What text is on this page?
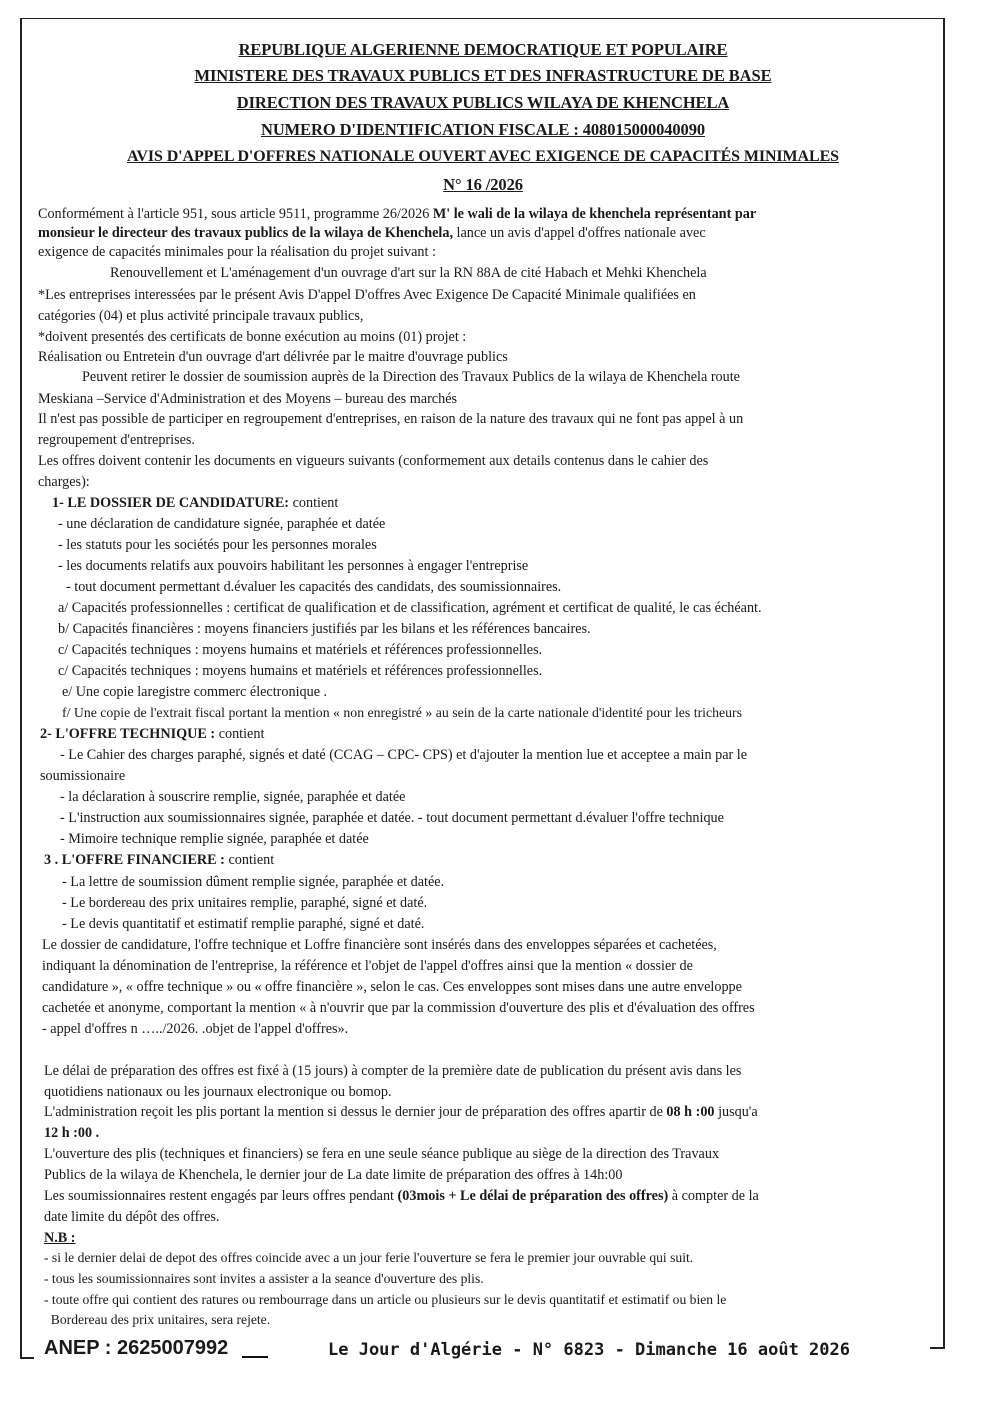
REPUBLIQUE ALGERIENNE DEMOCRATIQUE ET POPULAIRE
MINISTERE DES TRAVAUX PUBLICS ET DES INFRASTRUCTURE DE BASE
DIRECTION DES TRAVAUX PUBLICS WILAYA DE KHENCHELA
NUMERO D'IDENTIFICATION FISCALE : 408015000040090
AVIS D'APPEL D'OFFRES NATIONALE OUVERT AVEC EXIGENCE DE CAPACITÉS MINIMALES
N° 16 /2026
Conformément à l'article 951, sous article 9511, programme 26/2026 M' le wali de la wilaya de khenchela représentant par
monsieur le directeur des travaux publics de la wilaya de Khenchela, lance un avis d'appel d'offres nationale avec
exigence de capacités minimales pour la réalisation du projet suivant :
Renouvellement et L'aménagement d'un ouvrage d'art sur la RN 88A de cité Habach et Mehki Khenchela
*Les entreprises interessées par le présent Avis D'appel D'offres Avec Exigence De Capacité Minimale qualifiées en
catégories (04) et plus activité principale travaux publics,
*doivent presentés des certificats de bonne exécution au moins (01) projet :
Réalisation ou Entretein d'un ouvrage d'art délivrée par le maitre d'ouvrage publics
Peuvent retirer le dossier de soumission auprès de la Direction des Travaux Publics de la wilaya de Khenchela route
Meskiana –Service d'Administration et des Moyens – bureau des marchés
Il n'est pas possible de participer en regroupement d'entreprises, en raison de la nature des travaux qui ne font pas appel à un
regroupement d'entreprises.
Les offres doivent contenir les documents en vigueurs suivants (conformement aux details contenus dans le cahier des
charges):
1- LE DOSSIER DE CANDIDATURE: contient
- une déclaration de candidature signée, paraphée et datée
- les statuts pour les sociétés pour les personnes morales
- les documents relatifs aux pouvoirs habilitant les personnes à engager l'entreprise
- tout document permettant d.évaluer les capacités des candidats, des soumissionnaires.
a/ Capacités professionnelles : certificat de qualification et de classification, agrément et certificat de qualité, le cas échéant.
b/ Capacités financières : moyens financiers justifiés par les bilans et les références bancaires.
c/ Capacités techniques : moyens humains et matériels et références professionnelles.
c/ Capacités techniques : moyens humains et matériels et références professionnelles.
e/ Une copie laregistre commerc électronique .
f/ Une copie de l'extrait fiscal portant la mention « non enregistré » au sein de la carte nationale d'identité pour les tricheurs
2- L'OFFRE TECHNIQUE : contient
- Le Cahier des charges paraphé, signés et daté (CCAG – CPC- CPS) et d'ajouter la mention lue et acceptee a main par le
soumissionaire
- la déclaration à souscrire remplie, signée, paraphée et datée
- L'instruction aux soumissionnaires signée, paraphée et datée. - tout document permettant d.évaluer l'offre technique
- Mimoire technique remplie signée, paraphée et datée
3 . L'OFFRE FINANCIERE : contient
- La lettre de soumission dûment remplie signée, paraphée et datée.
- Le bordereau des prix unitaires remplie, paraphé, signé et daté.
- Le devis quantitatif et estimatif remplie paraphé, signé et daté.
Le dossier de candidature, l'offre technique et Loffre financière sont insérés dans des enveloppes séparées et cachetées,
indiquant la dénomination de l'entreprise, la référence et l'objet de l'appel d'offres ainsi que la mention « dossier de
candidature », « offre technique » ou « offre financière », selon le cas. Ces enveloppes sont mises dans une autre enveloppe
cachetée et anonyme, comportant la mention « à n'ouvrir que par la commission d'ouverture des plis et d'évaluation des offres
- appel d'offres n …../2026. .objet de l'appel d'offres».
Le délai de préparation des offres est fixé à (15 jours) à compter de la première date de publication du présent avis dans les
quotidiens nationaux ou les journaux electronique ou bomop.
L'administration reçoit les plis portant la mention si dessus le dernier jour de préparation des offres apartir de 08 h :00 jusqu'a
12 h :00 .
L'ouverture des plis (techniques et financiers) se fera en une seule séance publique au siège de la direction des Travaux
Publics de la wilaya de Khenchela, le dernier jour de La date limite de préparation des offres à 14h:00
Les soumissionnaires restent engagés par leurs offres pendant (03mois + Le délai de préparation des offres) à compter de la
date limite du dépôt des offres.
N.B :
- si le dernier delai de depot des offres coincide avec a un jour ferie l'ouverture se fera le premier jour ouvrable qui suit.
- tous les soumissionnaires sont invites a assister a la seance d'ouverture des plis.
- toute offre qui contient des ratures ou rembourrage dans un article ou plusieurs sur le devis quantitatif et estimatif ou bien le
Bordereau des prix unitaires, sera rejete.
ANEP : 2625007992	Le Jour d'Algérie - N° 6823 - Dimanche 16 août 2026
